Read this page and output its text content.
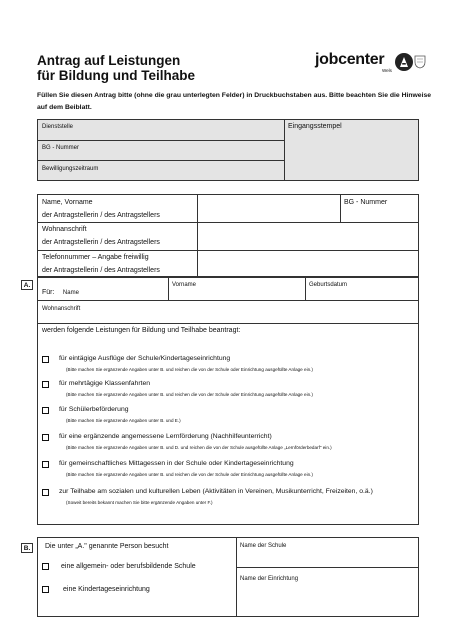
Antrag auf Leistungen
für Bildung und Teilhabe
jobcenter
Wels
Füllen Sie diesen Antrag bitte (ohne die grau unterlegten Felder) in Druckbuchstaben aus. Bitte beachten Sie die Hinweise auf dem Beiblatt.
Dienststelle	Eingangsstempel
BG - Nummer
Bewilligungszeitraum
Name, Vorname
der Antragstellerin / des Antragstellers
BG - Nummer
Wohnanschrift
der Antragstellerin / des Antragstellers
Telefonnummer – Angabe freiwillig
der Antragstellerin / des Antragstellers
A.
Für: Name
Vorname	Geburtsdatum
Wohnanschrift
werden folgende Leistungen für Bildung und Teilhabe beantragt:
für eintägige Ausflüge der Schule/Kindertageseinrichtung
(Bitte machen Sie ergänzende Angaben unter B. und reichen die von der Schule oder Einrichtung ausgefüllte Anlage ein.)
für mehrtägige Klassenfahrten
(Bitte machen Sie ergänzende Angaben unter B. und reichen die von der Schule oder Einrichtung ausgefüllte Anlage ein.)
für Schülerbeförderung
(Bitte machen Sie ergänzende Angaben unter B. und E.)
für eine ergänzende angemessene Lernförderung (Nachhilfeunterricht)
(Bitte machen Sie ergänzende Angaben unter B. und D. und reichen die von der Schule ausgefüllte Anlage „Lernförderbedarf" ein.)
für gemeinschaftliches Mittagessen in der Schule oder Kindertageseinrichtung
(Bitte machen Sie ergänzende Angaben unter B. und reichen die von der Schule oder Einrichtung ausgefüllte Anlage ein.)
zur Teilhabe am sozialen und kulturellen Leben (Aktivitäten in Vereinen, Musikunterricht, Freizeiten, o.ä.)
(Soweit bereits bekannt machen Sie bitte ergänzende Angaben unter F.)
B.	Die unter „A." genannte Person besucht
eine allgemein- oder berufsbildende Schule
eine Kindertageseinrichtung
Name der Schule
Name der Einrichtung
